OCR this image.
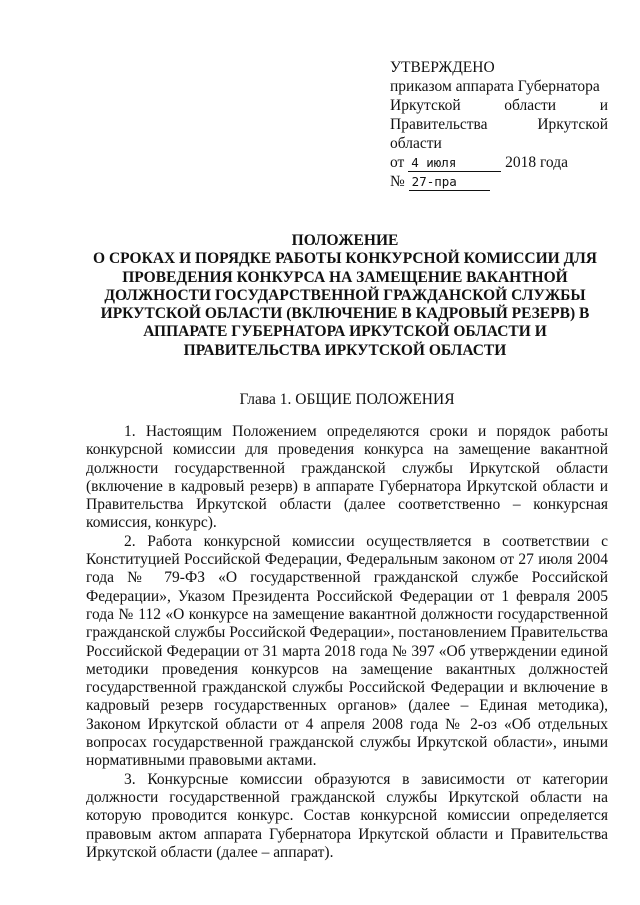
УТВЕРЖДЕНО
приказом аппарата Губернатора
Иркутской	области	и
Правительства	Иркутской
области
от 4 июля	2018 года
№ 27-пра
ПОЛОЖЕНИЕ
О СРОКАХ И ПОРЯДКЕ РАБОТЫ КОНКУРСНОЙ КОМИССИИ ДЛЯ
ПРОВЕДЕНИЯ КОНКУРСА НА ЗАМЕЩЕНИЕ ВАКАНТНОЙ
ДОЛЖНОСТИ ГОСУДАРСТВЕННОЙ ГРАЖДАНСКОЙ СЛУЖБЫ
ИРКУТСКОЙ ОБЛАСТИ (ВКЛЮЧЕНИЕ В КАДРОВЫЙ РЕЗЕРВ) В
АППАРАТЕ ГУБЕРНАТОРА ИРКУТСКОЙ ОБЛАСТИ И
ПРАВИТЕЛЬСТВА ИРКУТСКОЙ ОБЛАСТИ
Глава 1. ОБЩИЕ ПОЛОЖЕНИЯ

1. Настоящим Положением определяются сроки и порядок работы конкурсной комиссии для проведения конкурса на замещение вакантной должности государственной гражданской службы Иркутской области (включение в кадровый резерв) в аппарате Губернатора Иркутской области и Правительства Иркутской области (далее соответственно – конкурсная комиссия, конкурс).

2. Работа конкурсной комиссии осуществляется в соответствии с Конституцией Российской Федерации, Федеральным законом от 27 июля 2004 года № 79-ФЗ «О государственной гражданской службе Российской Федерации», Указом Президента Российской Федерации от 1 февраля 2005 года № 112 «О конкурсе на замещение вакантной должности государственной гражданской службы Российской Федерации», постановлением Правительства Российской Федерации от 31 марта 2018 года № 397 «Об утверждении единой методики проведения конкурсов на замещение вакантных должностей государственной гражданской службы Российской Федерации и включение в кадровый резерв государственных органов» (далее – Единая методика), Законом Иркутской области от 4 апреля 2008 года № 2-оз «Об отдельных вопросах государственной гражданской службы Иркутской области», иными нормативными правовыми актами.

3. Конкурсные комиссии образуются в зависимости от категории должности государственной гражданской службы Иркутской области на которую проводится конкурс. Состав конкурсной комиссии определяется правовым актом аппарата Губернатора Иркутской области и Правительства Иркутской области (далее – аппарат).
